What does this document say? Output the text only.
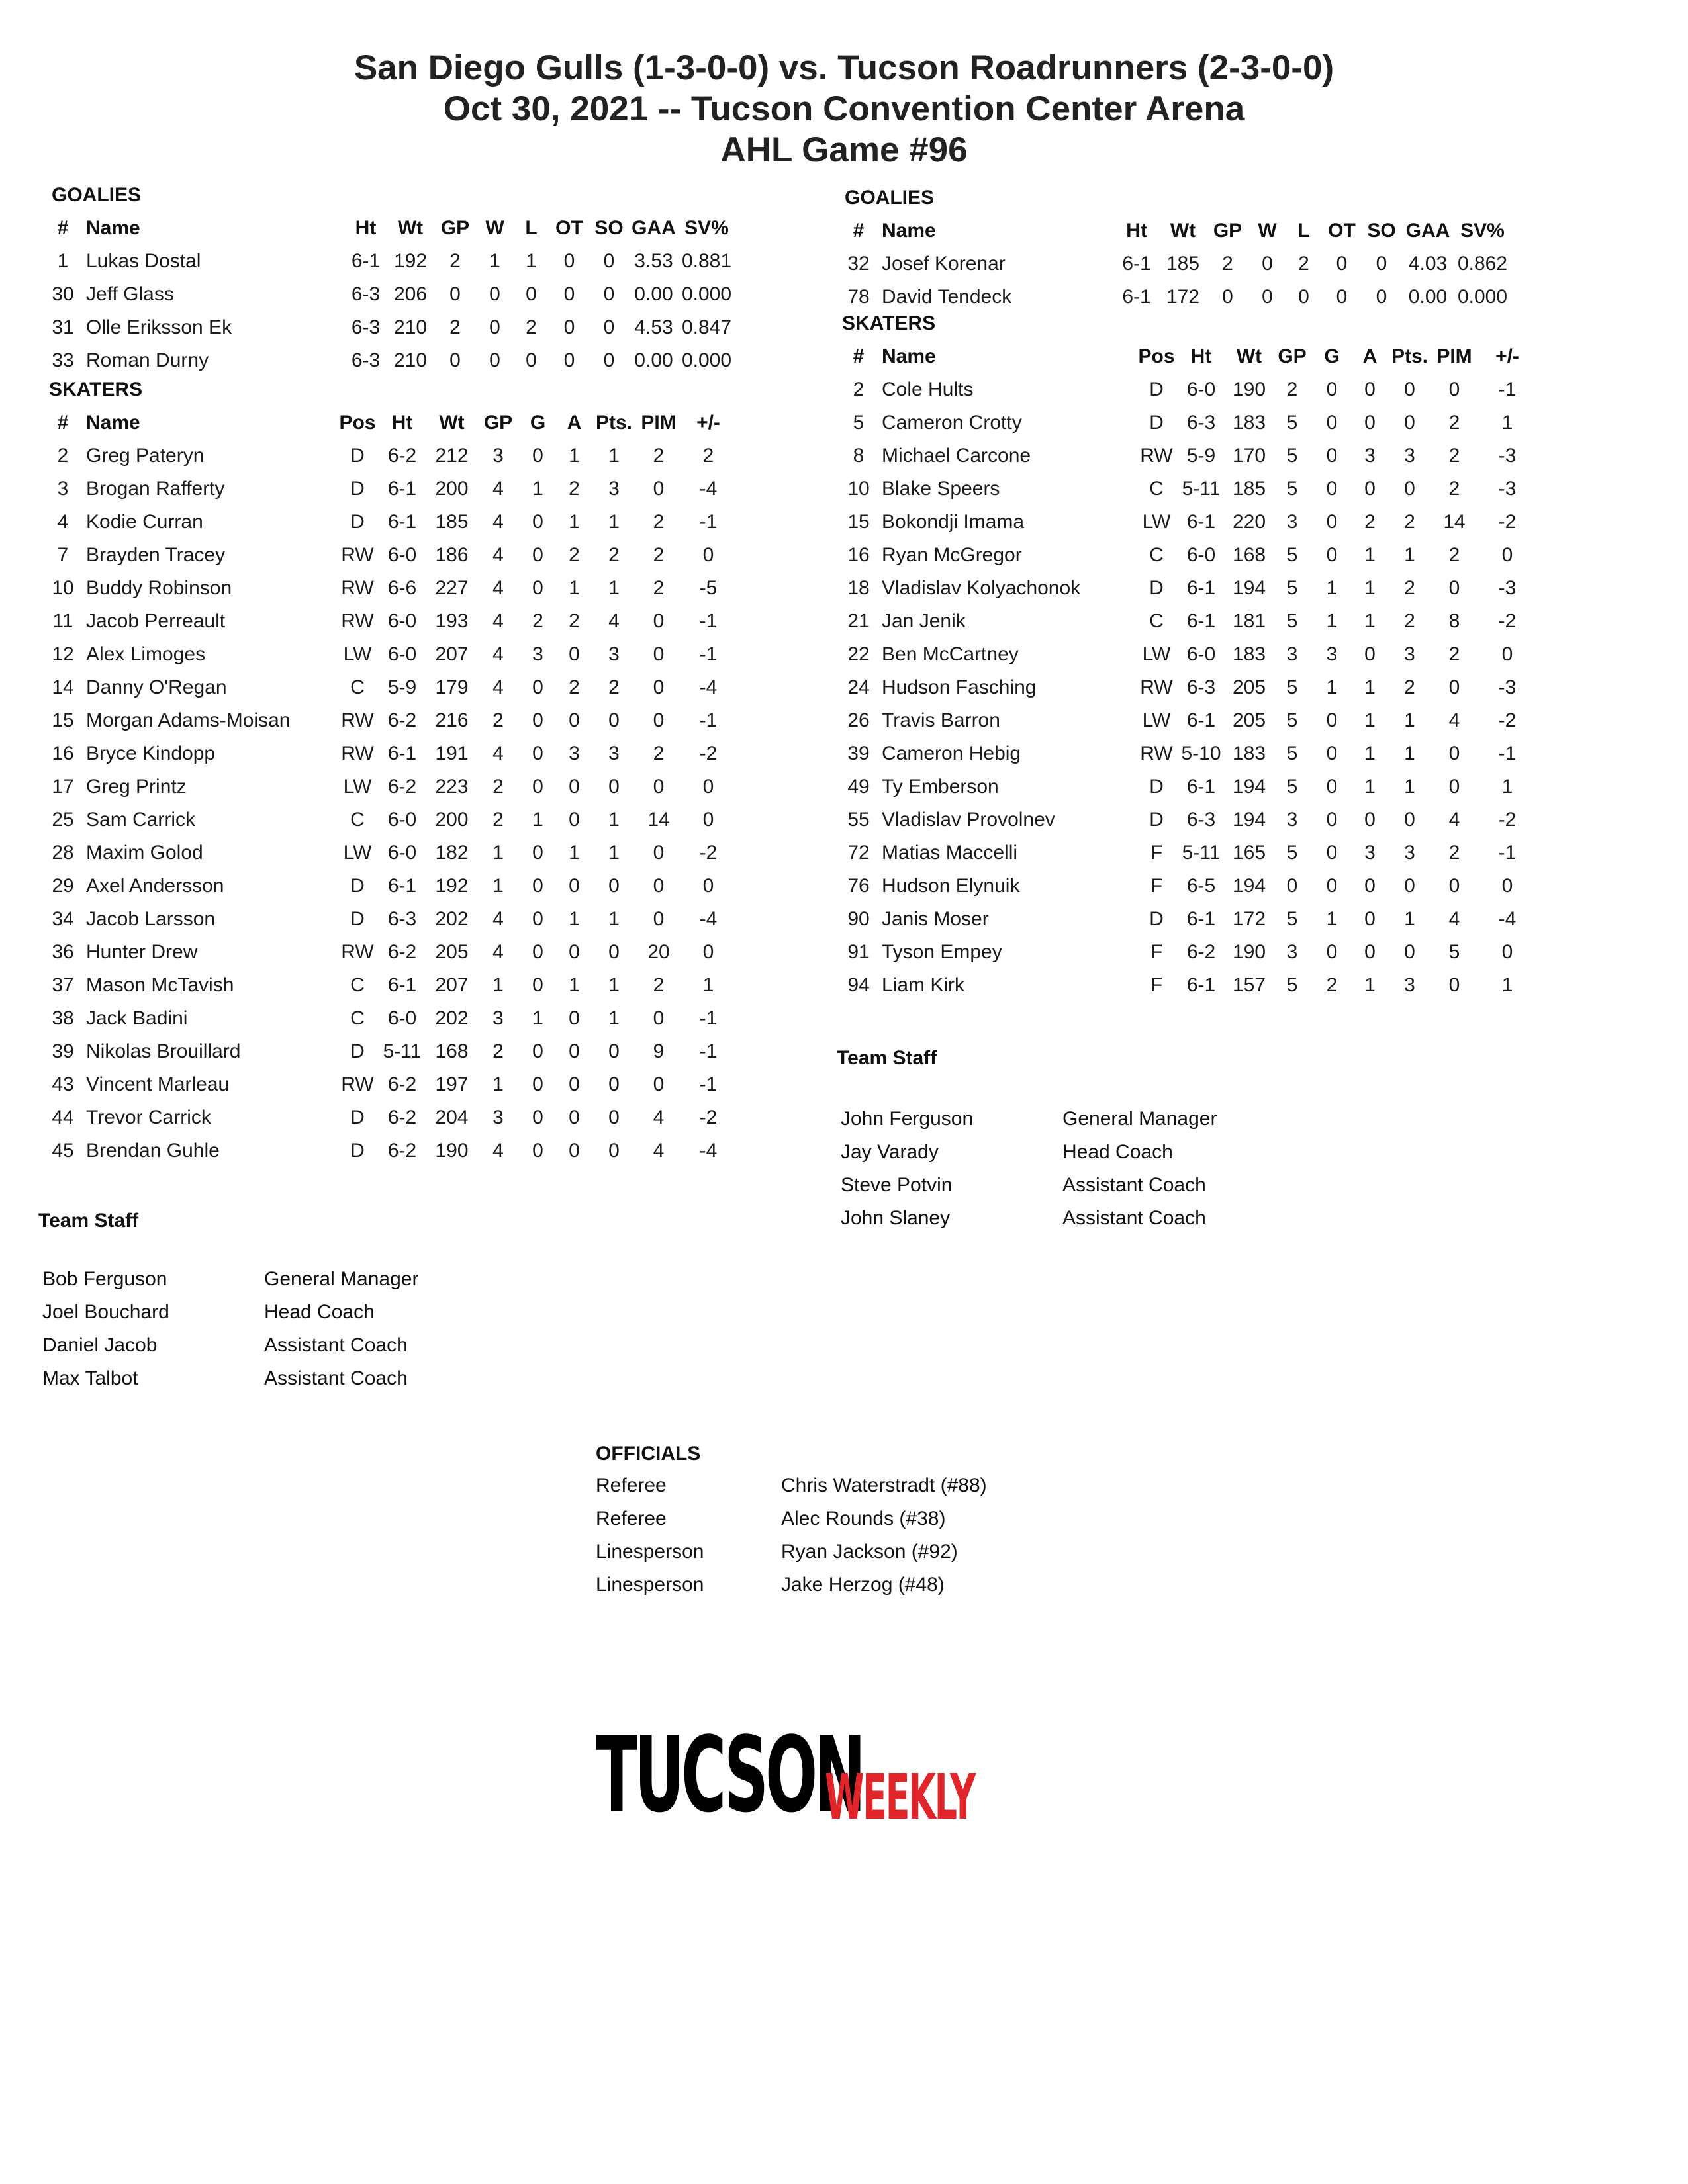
San Diego Gulls (1-3-0-0) vs. Tucson Roadrunners (2-3-0-0)
Oct 30, 2021 -- Tucson Convention Center Arena
AHL Game #96
GOALIES
#	Name	Ht	Wt	GP	W	L	OT	SO	GAA	SV%	
1	Lukas Dostal	6-1	192	2	1	1	0	0	3.53	0.881	
30	Jeff Glass	6-3	206	0	0	0	0	0	0.00	0.000	
31	Olle Eriksson Ek	6-3	210	2	0	2	0	0	4.53	0.847	
33	Roman Durny	6-3	210	0	0	0	0	0	0.00	0.000	
SKATERS
#	Name	Pos	Ht	Wt	GP	G	A	Pts.	PIM	+/-	
2	Greg Pateryn	D	6-2	212	3	0	1	1	2	2	
3	Brogan Rafferty	D	6-1	200	4	1	2	3	0	-4	
4	Kodie Curran	D	6-1	185	4	0	1	1	2	-1	
7	Brayden Tracey	RW	6-0	186	4	0	2	2	2	0	
10	Buddy Robinson	RW	6-6	227	4	0	1	1	2	-5	
11	Jacob Perreault	RW	6-0	193	4	2	2	4	0	-1	
12	Alex Limoges	LW	6-0	207	4	3	0	3	0	-1	
14	Danny O'Regan	C	5-9	179	4	0	2	2	0	-4	
15	Morgan Adams-Moisan	RW	6-2	216	2	0	0	0	0	-1	
16	Bryce Kindopp	RW	6-1	191	4	0	3	3	2	-2	
17	Greg Printz	LW	6-2	223	2	0	0	0	0	0	
25	Sam Carrick	C	6-0	200	2	1	0	1	14	0	
28	Maxim Golod	LW	6-0	182	1	0	1	1	0	-2	
29	Axel Andersson	D	6-1	192	1	0	0	0	0	0	
34	Jacob Larsson	D	6-3	202	4	0	1	1	0	-4	
36	Hunter Drew	RW	6-2	205	4	0	0	0	20	0	
37	Mason McTavish	C	6-1	207	1	0	1	1	2	1	
38	Jack Badini	C	6-0	202	3	1	0	1	0	-1	
39	Nikolas Brouillard	D	5-11	168	2	0	0	0	9	-1	
43	Vincent Marleau	RW	6-2	197	1	0	0	0	0	-1	
44	Trevor Carrick	D	6-2	204	3	0	0	0	4	-2	
45	Brendan Guhle	D	6-2	190	4	0	0	0	4	-4	
Team Staff
Bob Ferguson	General Manager
Joel Bouchard	Head Coach
Daniel Jacob	Assistant Coach
Max Talbot	Assistant Coach
GOALIES
#	Name	Ht	Wt	GP	W	L	OT	SO	GAA	SV%	
32	Josef Korenar	6-1	185	2	0	2	0	0	4.03	0.862	
78	David Tendeck	6-1	172	0	0	0	0	0	0.00	0.000	
SKATERS
#	Name	Pos	Ht	Wt	GP	G	A	Pts.	PIM	+/-	
2	Cole Hults	D	6-0	190	2	0	0	0	0	-1	
5	Cameron Crotty	D	6-3	183	5	0	0	0	2	1	
8	Michael Carcone	RW	5-9	170	5	0	3	3	2	-3	
10	Blake Speers	C	5-11	185	5	0	0	0	2	-3	
15	Bokondji Imama	LW	6-1	220	3	0	2	2	14	-2	
16	Ryan McGregor	C	6-0	168	5	0	1	1	2	0	
18	Vladislav Kolyachonok	D	6-1	194	5	1	1	2	0	-3	
21	Jan Jenik	C	6-1	181	5	1	1	2	8	-2	
22	Ben McCartney	LW	6-0	183	3	3	0	3	2	0	
24	Hudson Fasching	RW	6-3	205	5	1	1	2	0	-3	
26	Travis Barron	LW	6-1	205	5	0	1	1	4	-2	
39	Cameron Hebig	RW	5-10	183	5	0	1	1	0	-1	
49	Ty Emberson	D	6-1	194	5	0	1	1	0	1	
55	Vladislav Provolnev	D	6-3	194	3	0	0	0	4	-2	
72	Matias Maccelli	F	5-11	165	5	0	3	3	2	-1	
76	Hudson Elynuik	F	6-5	194	0	0	0	0	0	0	
90	Janis Moser	D	6-1	172	5	1	0	1	4	-4	
91	Tyson Empey	F	6-2	190	3	0	0	0	5	0	
94	Liam Kirk	F	6-1	157	5	2	1	3	0	1	
Team Staff
John Ferguson	General Manager
Jay Varady	Head Coach
Steve Potvin	Assistant Coach
John Slaney	Assistant Coach
OFFICIALS
Referee	Chris Waterstradt (#88)
Referee	Alec Rounds (#38)
Linesperson	Ryan Jackson (#92)
Linesperson	Jake Herzog (#48)
TUCSON
WEEKLY
